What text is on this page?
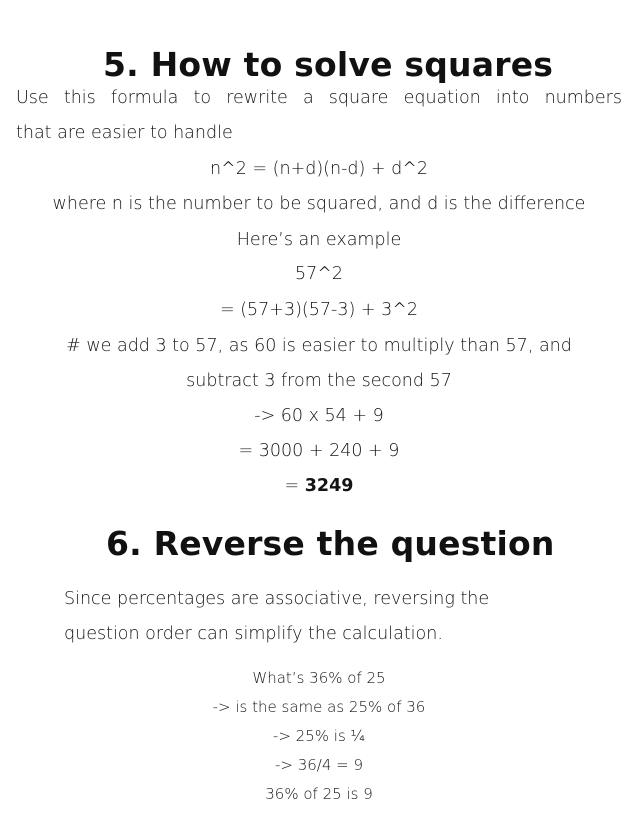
5. How to solve squares
Use this formula to rewrite a square equation into numbers
that are easier to handle
n^2 = (n+d)(n-d) + d^2
where n is the number to be squared, and d is the difference
Here’s an example
57^2
= (57+3)(57-3) + 3^2
# we add 3 to 57, as 60 is easier to multiply than 57, and
subtract 3 from the second 57
-> 60 x 54 + 9
= 3000 + 240 + 9
= 3249
6. Reverse the question
Since percentages are associative, reversing the
question order can simplify the calculation.
What’s 36% of 25
-> is the same as 25% of 36
-> 25% is ¼
-> 36/4 = 9
36% of 25 is 9
